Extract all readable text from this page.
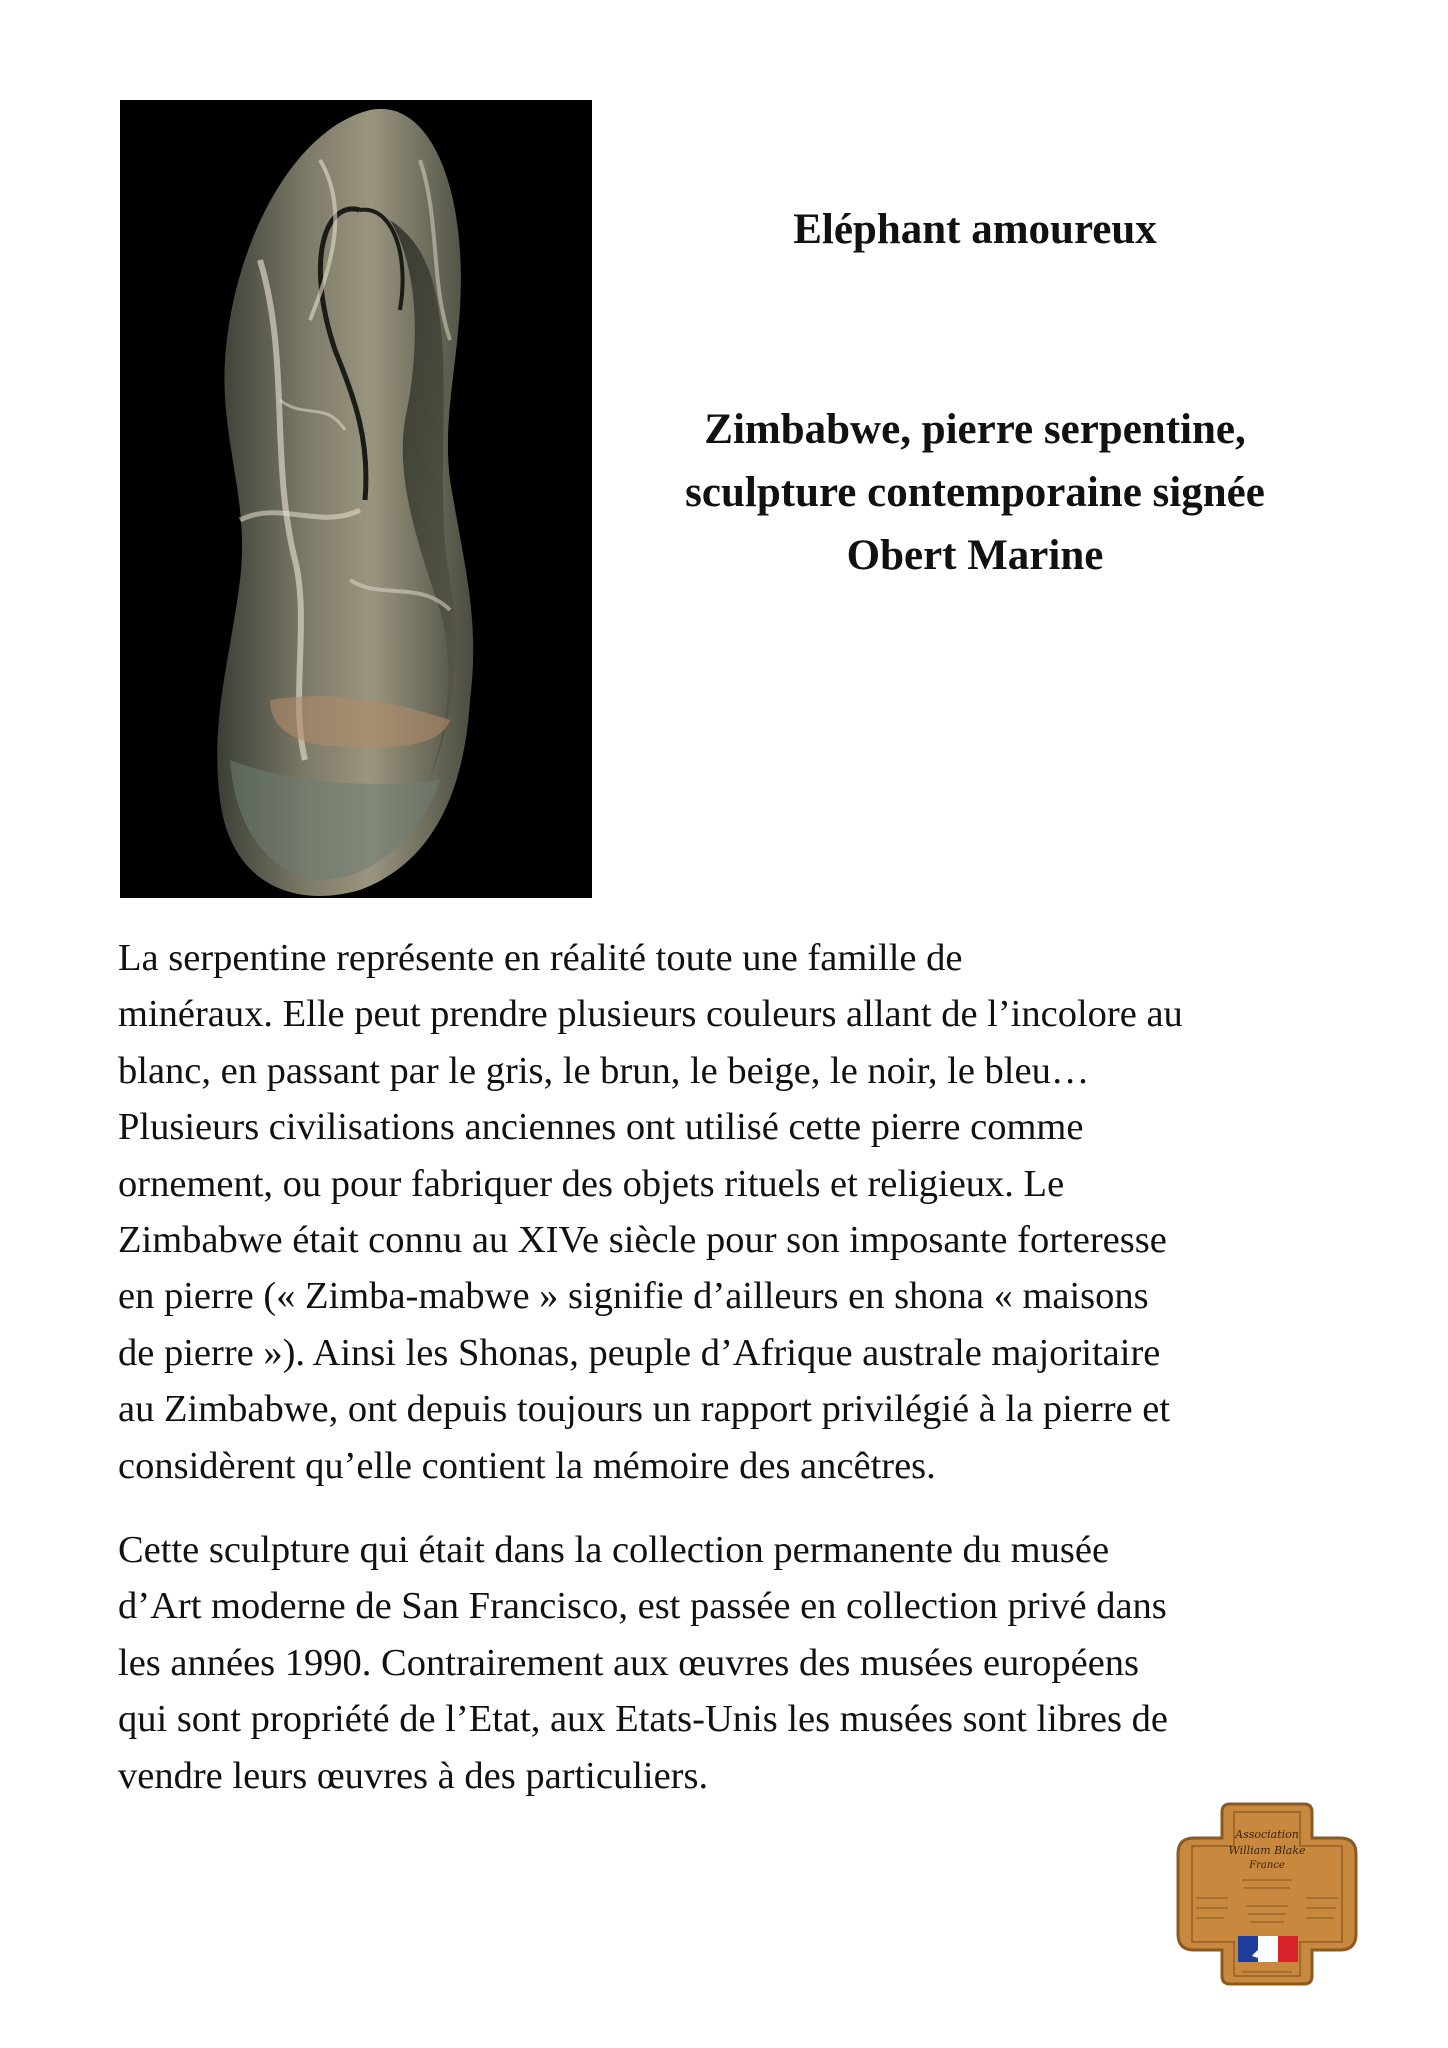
Eléphant amoureux
Zimbabwe, pierre serpentine,
sculpture contemporaine signée
Obert Marine

La serpentine représente en réalité toute une famille de
minéraux. Elle peut prendre plusieurs couleurs allant de l’incolore au
blanc, en passant par le gris, le brun, le beige, le noir, le bleu…
Plusieurs civilisations anciennes ont utilisé cette pierre comme
ornement, ou pour fabriquer des objets rituels et religieux. Le
Zimbabwe était connu au XIVe siècle pour son imposante forteresse
en pierre (« Zimba-mabwe » signifie d’ailleurs en shona « maisons
de pierre »). Ainsi les Shonas, peuple d’Afrique australe majoritaire
au Zimbabwe, ont depuis toujours un rapport privilégié à la pierre et
considèrent qu’elle contient la mémoire des ancêtres.

Cette sculpture qui était dans la collection permanente du musée
d’Art moderne de San Francisco, est passée en collection privé dans
les années 1990. Contrairement aux œuvres des musées européens
qui sont propriété de l’Etat, aux Etats-Unis les musées sont libres de
vendre leurs œuvres à des particuliers.

Association
William Blake
France
